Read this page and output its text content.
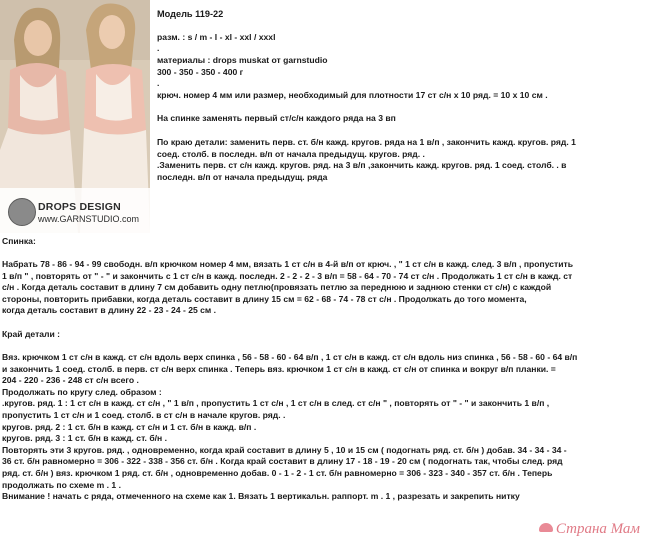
DROPS DESIGN
www.GARNSTUDIO.com

Модель 119-22

разм. : s / m - l - xl - xxl / xxxl

.

материалы : drops muskat от garnstudio

300 - 350 - 350 - 400 г

.

крюч. номер 4 мм или размер, необходимый для плотности 17 ст с/н х 10 ряд. = 10 х 10 см .

На спинке заменять первый ст/с/н каждого ряда на 3 вп

По краю детали: заменить перв. ст. б/н кажд. кругов. ряда на 1 в/п , закончить кажд. кругов. ряд. 1
соед. столб. в последн. в/п от начала предыдущ. кругов. ряд. .
.Заменить перв. ст с/н кажд. кругов. ряд. на 3 в/п ,закончить кажд. кругов. ряд. 1 соед. столб. . в
последн. в/п от начала предыдущ. ряда

Спинка:

Набрать 78 - 86 - 94 - 99 свободн. в/п крючком номер 4 мм, вязать 1 ст с/н в 4-й в/п от крюч. , " 1 ст с/н в кажд. след. 3 в/п , пропустить
1 в/п " , повторять от " - " и закончить с 1 ст с/н в кажд. последн. 2 - 2 - 2 - 3 в/п = 58 - 64 - 70 - 74 ст с/н . Продолжать 1 ст с/н в кажд. ст
с/н . Когда деталь составит в длину 7 см добавить одну петлю(провязать петлю за переднюю и заднюю стенки ст с/н) с каждой
стороны, повторить прибавки, когда деталь составит в длину 15 см = 62 - 68 - 74 - 78 ст с/н . Продолжать до того момента,
когда деталь составит в длину 22 - 23 - 24 - 25 см .

Край детали :

Вяз. крючком 1 ст с/н в кажд. ст с/н вдоль верх спинка , 56 - 58 - 60 - 64 в/п , 1 ст с/н в кажд. ст с/н вдоль низ спинка , 56 - 58 - 60 - 64 в/п
и закончить 1 соед. столб. в перв. ст с/н верх спинка . Теперь вяз. крючком 1 ст с/н в кажд. ст с/н от спинка и вокруг в/п планки. =
204 - 220 - 236 - 248 ст с/н всего .
Продолжать по кругу след. образом :
.кругов. ряд. 1 : 1 ст с/н в кажд. ст с/н , " 1 в/п , пропустить 1 ст с/н , 1 ст с/н в след. ст с/н " , повторять от " - " и закончить 1 в/п ,
пропустить 1 ст с/н и 1 соед. столб. в ст с/н в начале кругов. ряд. .
кругов. ряд. 2 : 1 ст. б/н в кажд. ст с/н и 1 ст. б/н в кажд. в/п .
кругов. ряд. 3 : 1 ст. б/н в кажд. ст. б/н .
Повторять эти 3 кругов. ряд. , одновременно, когда край составит в длину 5 , 10 и 15 см ( подогнать ряд. ст. б/н ) добав. 34 - 34 - 34 -
36 ст. б/н равномерно = 306 - 322 - 338 - 356 ст. б/н . Когда край составит в длину 17 - 18 - 19 - 20 см ( подогнать так, чтобы след. ряд
ряд. ст. б/н ) вяз. крючком 1 ряд. ст. б/н , одновременно добав. 0 - 1 - 2 - 1 ст. б/н равномерно = 306 - 323 - 340 - 357 ст. б/н . Теперь
продолжать по схеме m . 1 .
Внимание ! начать с ряда, отмеченного на схеме как 1. Вязать 1 вертикальн. раппорт. m . 1 , разрезать и закрепить нитку

Страна Мам
